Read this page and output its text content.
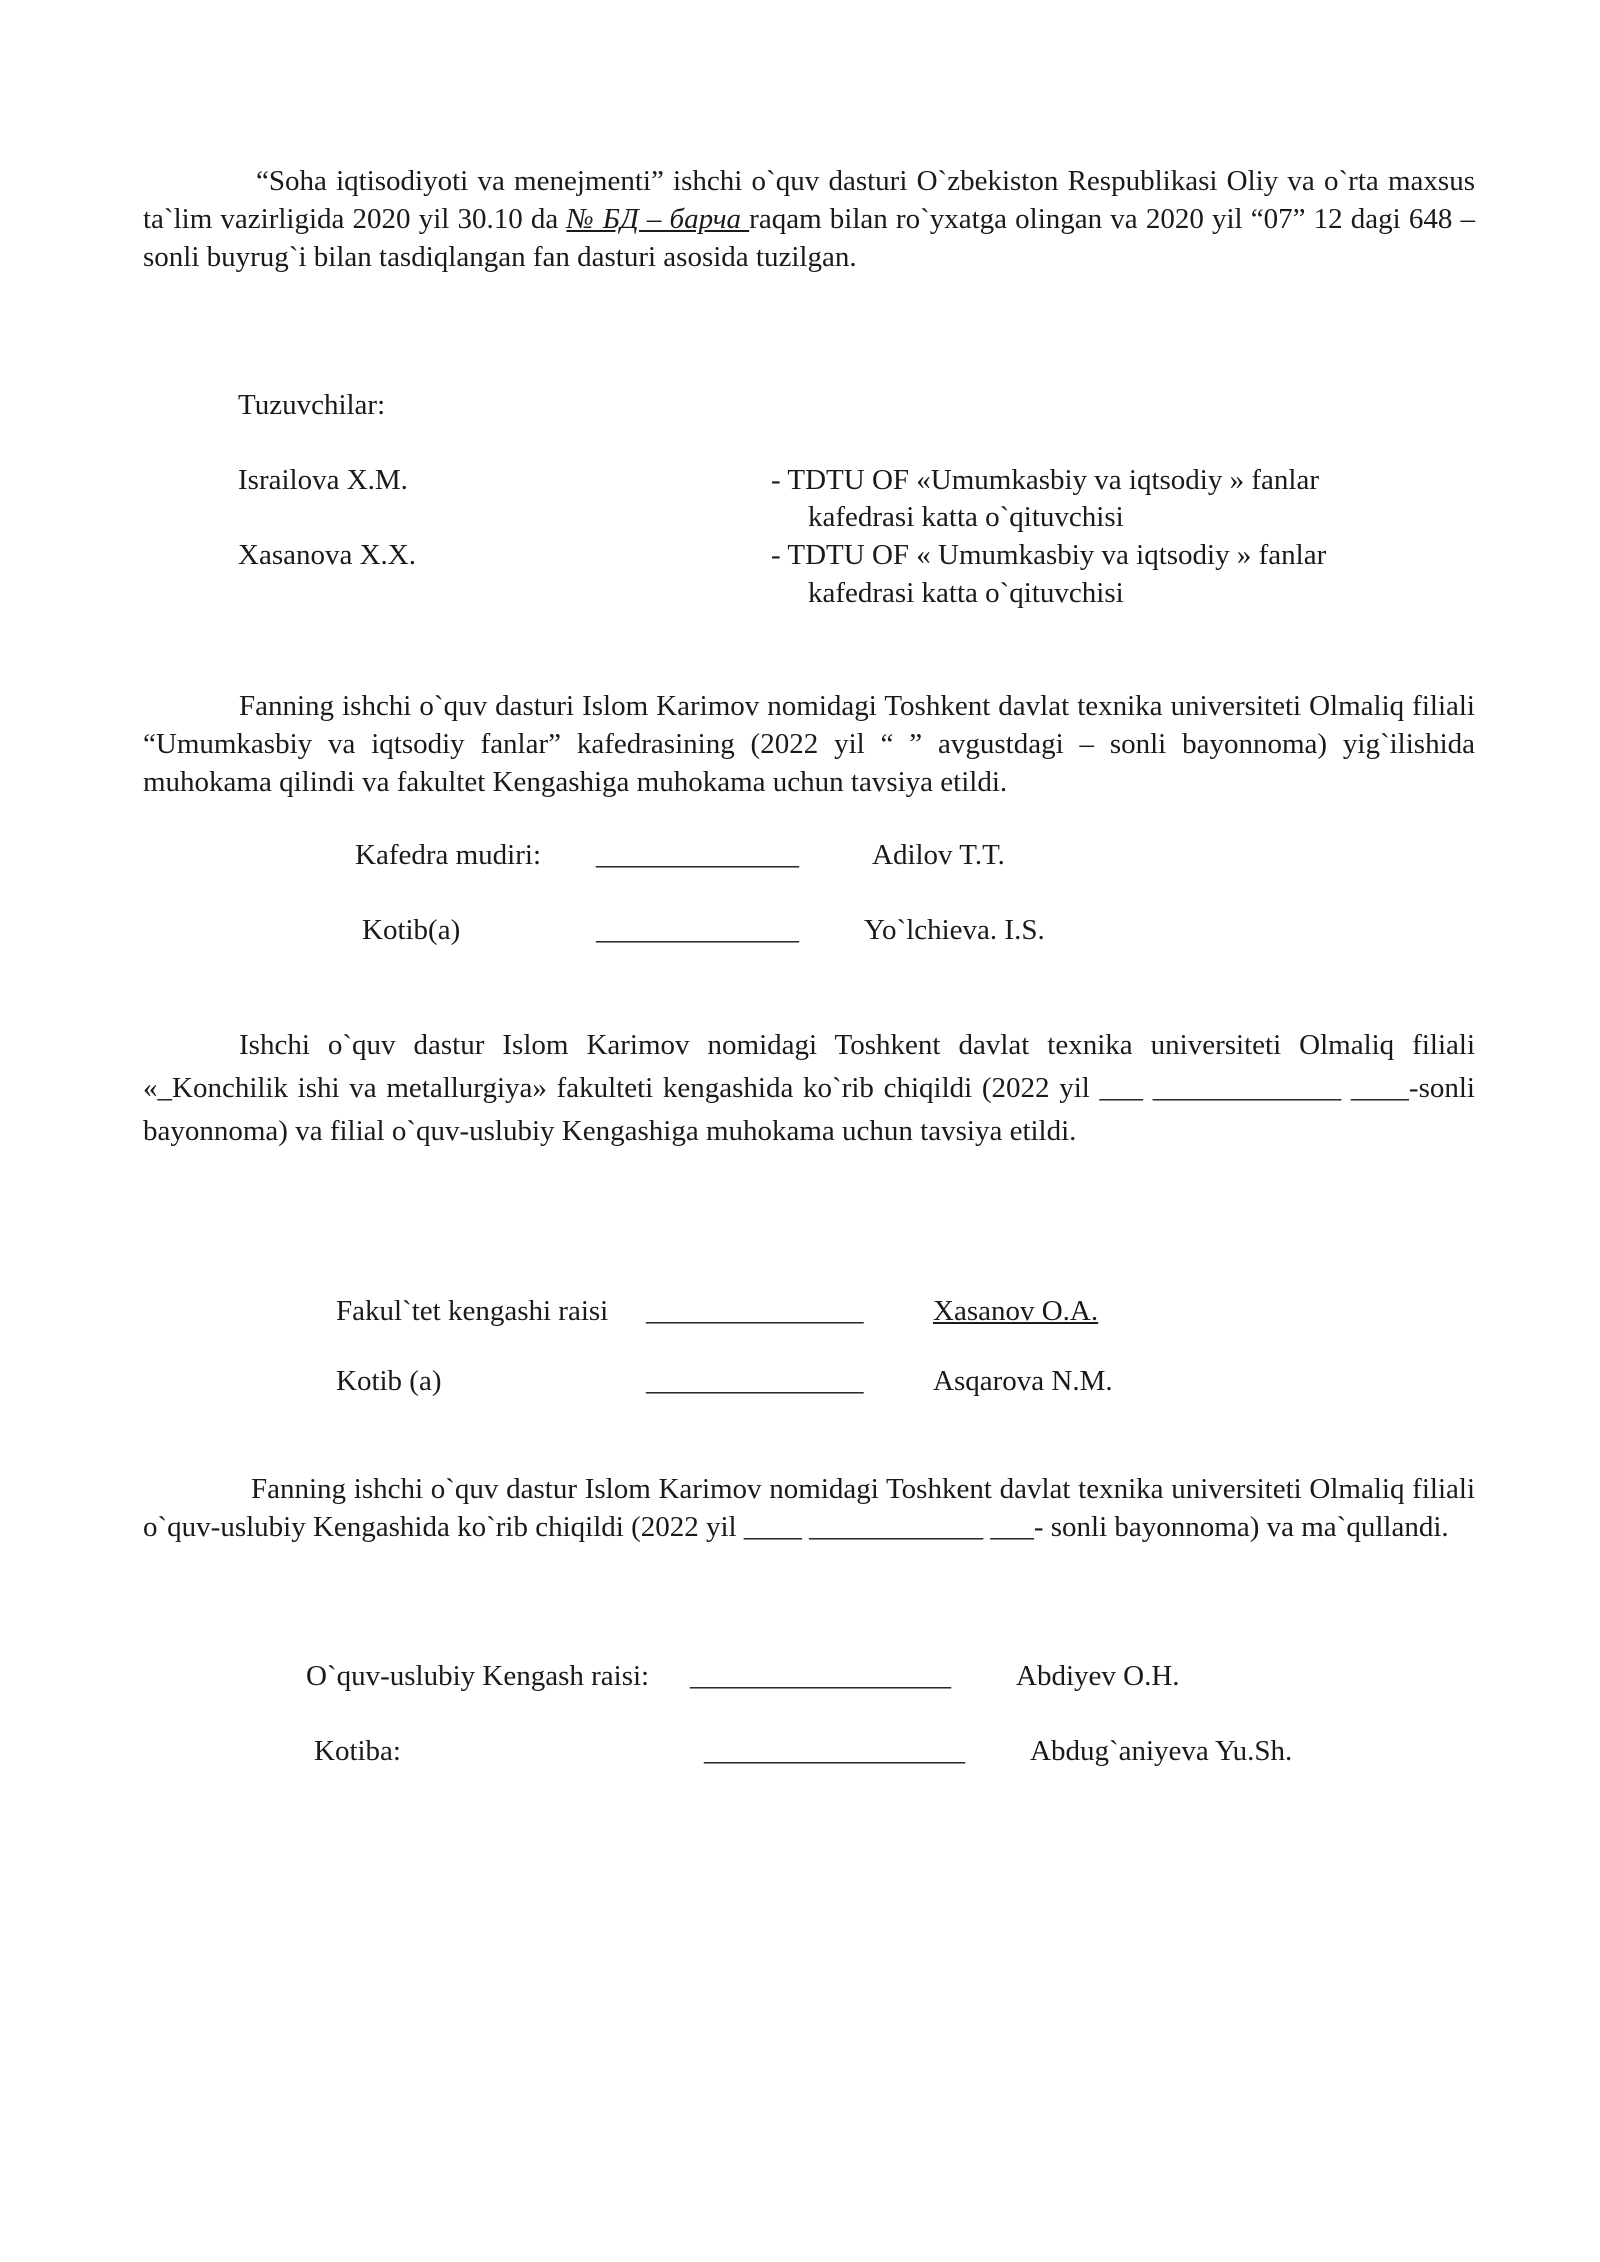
“Soha iqtisodiyoti va menejmenti” ishchi o`quv dasturi O`zbekiston Respublikasi Oliy va o`rta maxsus ta`lim vazirligida 2020 yil 30.10 da № БД – барча raqam bilan ro`yxatga olingan va 2020 yil “07” 12 dagi 648 – sonli buyrug`i bilan tasdiqlangan fan dasturi asosida tuzilgan.

Tuzuvchilar:
Israilova X.M.	- TDTU OF «Umumkasbiy va iqtsodiy » fanlar
kafedrasi katta o`qituvchisi
Xasanova X.X.	- TDTU OF « Umumkasbiy va iqtsodiy » fanlar
kafedrasi katta o`qituvchisi

Fanning ishchi o`quv dasturi Islom Karimov nomidagi Toshkent davlat texnika universiteti Olmaliq filiali “Umumkasbiy va iqtsodiy fanlar” kafedrasining (2022 yil “ ” avgustdagi – sonli bayonnoma) yig`ilishida muhokama qilindi va fakultet Kengashiga muhokama uchun tavsiya etildi.

Kafedra mudiri: ______________	Adilov T.T.
Kotib(a)	______________ Yo`lchieva. I.S.

Ishchi o`quv dastur Islom Karimov nomidagi Toshkent davlat texnika universiteti Olmaliq filiali «_Konchilik ishi va metallurgiya» fakulteti kengashida ko`rib chiqildi (2022 yil ___ _____________ ____-sonli bayonnoma) va filial o`quv-uslubiy Kengashiga muhokama uchun tavsiya etildi.

Fakul`tet kengashi raisi _______________ Xasanov O.A.
Kotib (a)	_______________ Asqarova N.M.

Fanning ishchi o`quv dastur Islom Karimov nomidagi Toshkent davlat texnika universiteti Olmaliq filiali o`quv-uslubiy Kengashida ko`rib chiqildi (2022 yil ____ ____________ ___- sonli bayonnoma) va ma`qullandi.

O`quv-uslubiy Kengash raisi: __________________ Abdiyev O.H.
Kotiba:	__________________ Abdug`aniyeva Yu.Sh.
